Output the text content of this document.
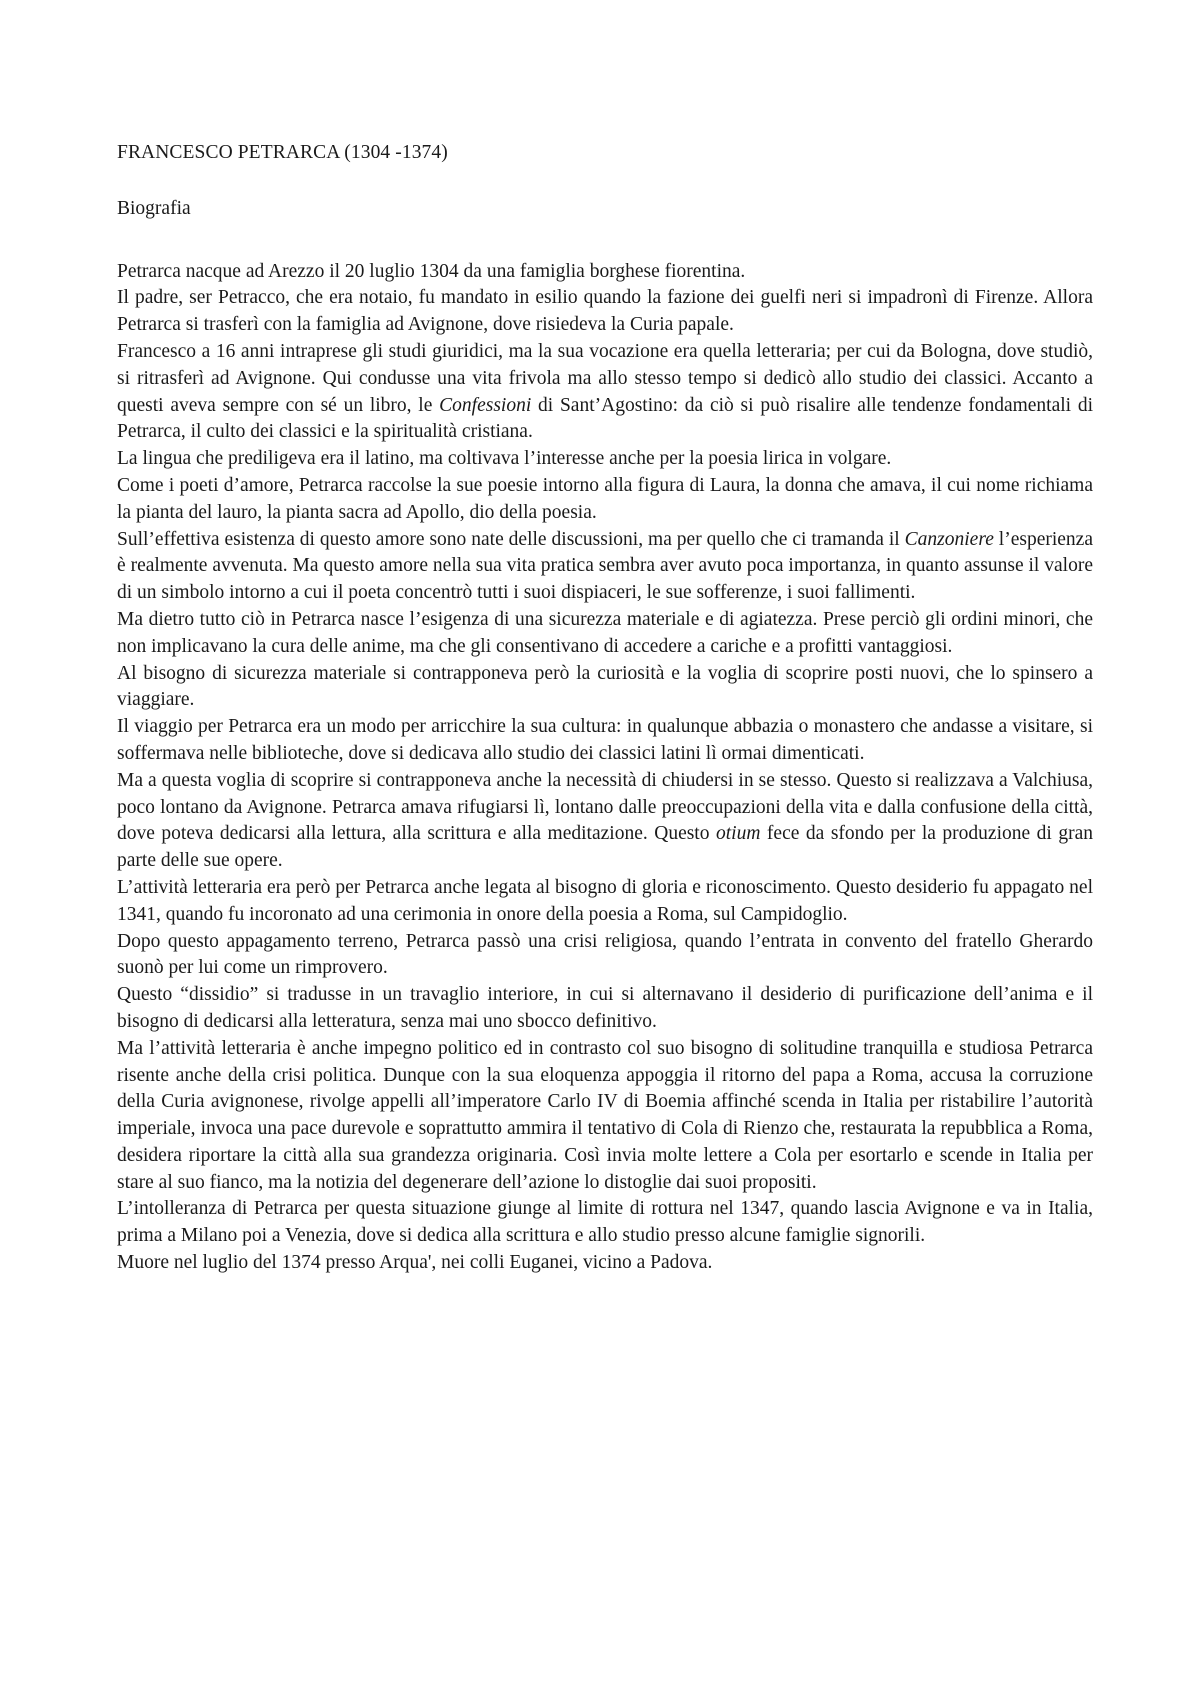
FRANCESCO PETRARCA (1304 -1374)
Biografia

Petrarca nacque ad Arezzo il 20 luglio 1304 da una famiglia borghese fiorentina.

Il padre, ser Petracco, che era notaio, fu mandato in esilio quando la fazione dei guelfi neri si impadronì di Firenze. Allora Petrarca si trasferì con la famiglia ad Avignone, dove risiedeva la Curia papale.

Francesco a 16 anni intraprese gli studi giuridici, ma la sua vocazione era quella letteraria; per cui da Bologna, dove studiò, si ritrasferì ad Avignone. Qui condusse una vita frivola ma allo stesso tempo si dedicò allo studio dei classici. Accanto a questi aveva sempre con sé un libro, le Confessioni di Sant’Agostino: da ciò si può risalire alle tendenze fondamentali di Petrarca, il culto dei classici e la spiritualità cristiana.

La lingua che prediligeva era il latino, ma coltivava l’interesse anche per la poesia lirica in volgare.

Come i poeti d’amore, Petrarca raccolse la sue poesie intorno alla figura di Laura, la donna che amava, il cui nome richiama la pianta del lauro, la pianta sacra ad Apollo, dio della poesia.

Sull’effettiva esistenza di questo amore sono nate delle discussioni, ma per quello che ci tramanda il Canzoniere l’esperienza è realmente avvenuta. Ma questo amore nella sua vita pratica sembra aver avuto poca importanza, in quanto assunse il valore di un simbolo intorno a cui il poeta concentrò tutti i suoi dispiaceri, le sue sofferenze, i suoi fallimenti.

Ma dietro tutto ciò in Petrarca nasce l’esigenza di una sicurezza materiale e di agiatezza. Prese perciò gli ordini minori, che non implicavano la cura delle anime, ma che gli consentivano di accedere a cariche e a profitti vantaggiosi.

Al bisogno di sicurezza materiale si contrapponeva però la curiosità e la voglia di scoprire posti nuovi, che lo spinsero a viaggiare.

Il viaggio per Petrarca era un modo per arricchire la sua cultura: in qualunque abbazia o monastero che andasse a visitare, si soffermava nelle biblioteche, dove si dedicava allo studio dei classici latini lì ormai dimenticati.

Ma a questa voglia di scoprire si contrapponeva anche la necessità di chiudersi in se stesso. Questo si realizzava a Valchiusa, poco lontano da Avignone. Petrarca amava rifugiarsi lì, lontano dalle preoccupazioni della vita e dalla confusione della città, dove poteva dedicarsi alla lettura, alla scrittura e alla meditazione. Questo otium fece da sfondo per la produzione di gran parte delle sue opere.

L’attività letteraria era però per Petrarca anche legata al bisogno di gloria e riconoscimento. Questo desiderio fu appagato nel 1341, quando fu incoronato ad una cerimonia in onore della poesia a Roma, sul Campidoglio.

Dopo questo appagamento terreno, Petrarca passò una crisi religiosa, quando l’entrata in convento del fratello Gherardo suonò per lui come un rimprovero.

Questo “dissidio” si tradusse in un travaglio interiore, in cui si alternavano il desiderio di purificazione dell’anima e il bisogno di dedicarsi alla letteratura, senza mai uno sbocco definitivo.

Ma l’attività letteraria è anche impegno politico ed in contrasto col suo bisogno di solitudine tranquilla e studiosa Petrarca risente anche della crisi politica. Dunque con la sua eloquenza appoggia il ritorno del papa a Roma, accusa la corruzione della Curia avignonese, rivolge appelli all’imperatore Carlo IV di Boemia affinché scenda in Italia per ristabilire l’autorità imperiale, invoca una pace durevole e soprattutto ammira il tentativo di Cola di Rienzo che, restaurata la repubblica a Roma, desidera riportare la città alla sua grandezza originaria. Così invia molte lettere a Cola per esortarlo e scende in Italia per stare al suo fianco, ma la notizia del degenerare dell’azione lo distoglie dai suoi propositi.

L’intolleranza di Petrarca per questa situazione giunge al limite di rottura nel 1347, quando lascia Avignone e va in Italia, prima a Milano poi a Venezia, dove si dedica alla scrittura e allo studio presso alcune famiglie signorili.

Muore nel luglio del 1374 presso Arqua', nei colli Euganei, vicino a Padova.
